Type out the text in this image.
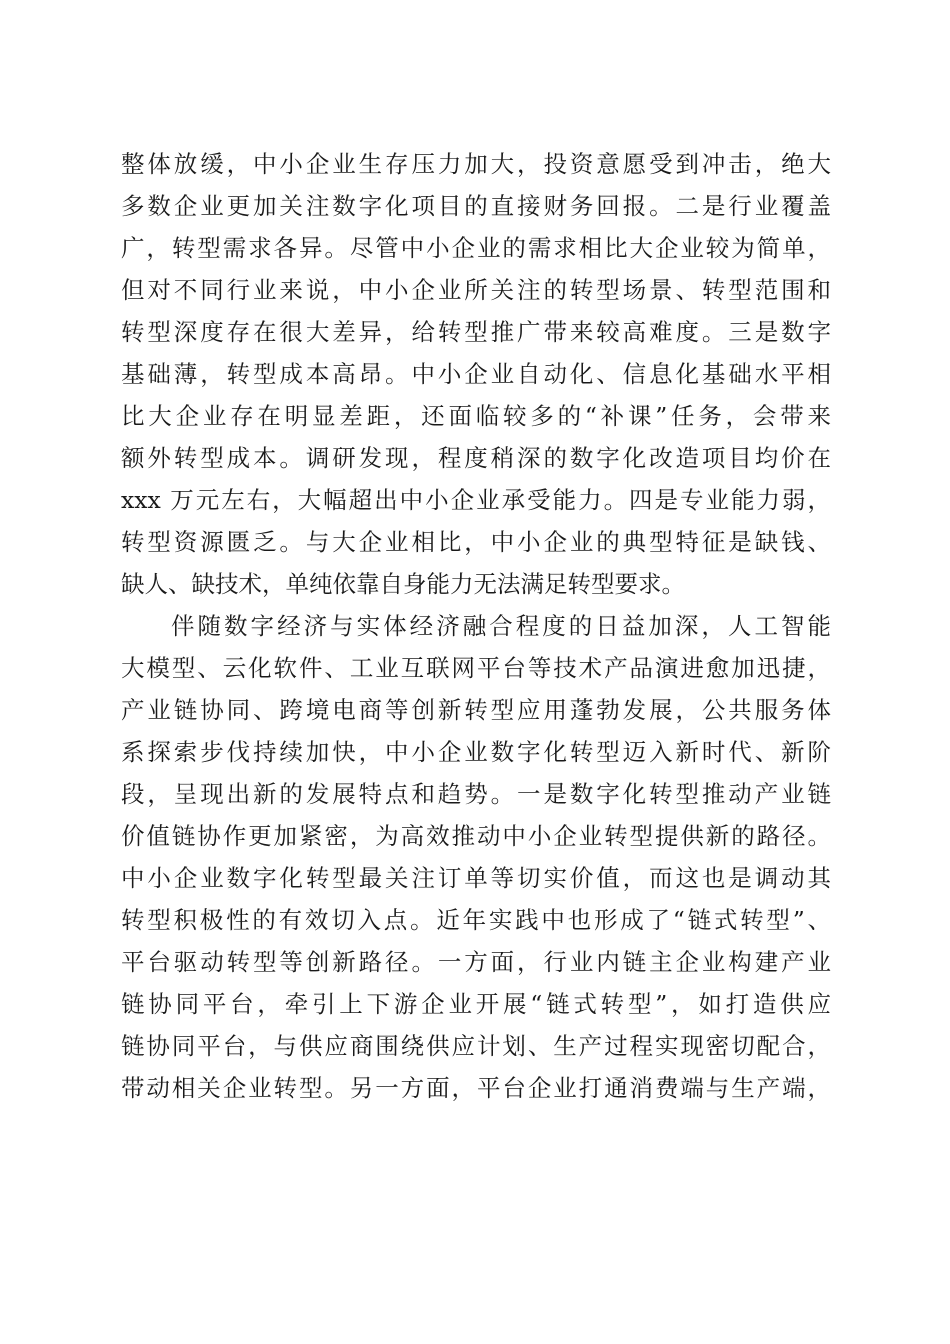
整体放缓，中小企业生存压力加大，投资意愿受到冲击，绝大
多数企业更加关注数字化项目的直接财务回报。二是行业覆盖
广，转型需求各异。尽管中小企业的需求相比大企业较为简单，
但对不同行业来说，中小企业所关注的转型场景、转型范围和
转型深度存在很大差异，给转型推广带来较高难度。三是数字
基础薄，转型成本高昂。中小企业自动化、信息化基础水平相
比大企业存在明显差距，还面临较多的“补课”任务，会带来
额外转型成本。调研发现，程度稍深的数字化改造项目均价在
xxx 万元左右，大幅超出中小企业承受能力。四是专业能力弱，
转型资源匮乏。与大企业相比，中小企业的典型特征是缺钱、
缺人、缺技术，单纯依靠自身能力无法满足转型要求。
伴随数字经济与实体经济融合程度的日益加深，人工智能
大模型、云化软件、工业互联网平台等技术产品演进愈加迅捷，
产业链协同、跨境电商等创新转型应用蓬勃发展，公共服务体
系探索步伐持续加快，中小企业数字化转型迈入新时代、新阶
段，呈现出新的发展特点和趋势。一是数字化转型推动产业链
价值链协作更加紧密，为高效推动中小企业转型提供新的路径。
中小企业数字化转型最关注订单等切实价值，而这也是调动其
转型积极性的有效切入点。近年实践中也形成了“链式转型”、
平台驱动转型等创新路径。一方面，行业内链主企业构建产业
链协同平台，牵引上下游企业开展“链式转型”，如打造供应
链协同平台，与供应商围绕供应计划、生产过程实现密切配合，
带动相关企业转型。另一方面，平台企业打通消费端与生产端，
